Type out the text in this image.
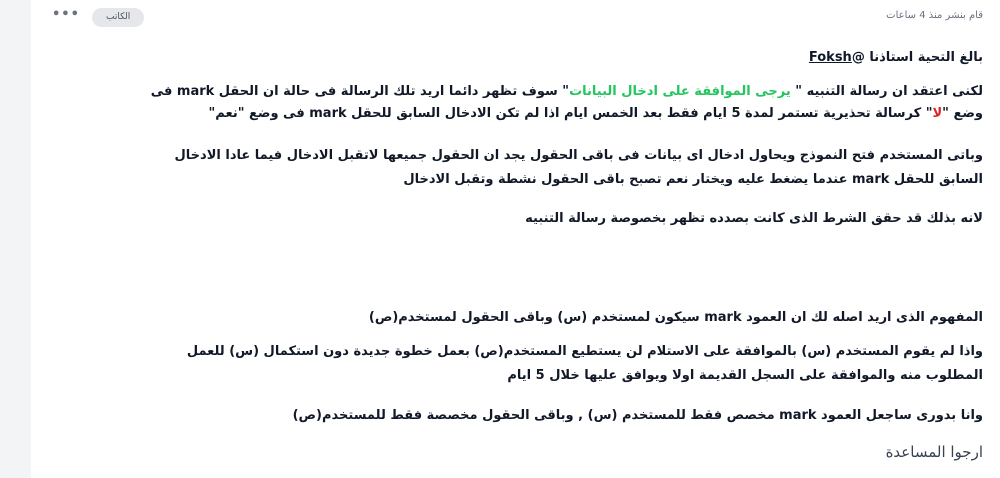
•••	الكاتب	قام بنشر منذ 4 ساعات

بالغ التحية استاذنا @Foksh

لكنى اعتقد ان رسالة التنبيه " يرجى الموافقة على ادخال البيانات" سوف تظهر دائما اريد تلك الرسالة فى حالة ان الحقل mark فى

وضع "لا" كرسالة تحذيرية تستمر لمدة 5 ايام فقط بعد الخمس ايام اذا لم تكن الادخال السابق للحقل mark فى وضع "نعم"

وباتى المستخدم فتح النموذج ويحاول ادخال اى بيانات فى باقى الحقول يجد ان الحقول جميعها لاتقبل الادخال فيما عادا الادخال

السابق للحقل mark عندما يضغط عليه ويختار نعم تصبح باقى الحقول نشطة وتقبل الادخال

لانه بذلك قد حقق الشرط الذى كانت بصدده تظهر بخصوصة رسالة التنبيه

المفهوم الذى اريد اصله لك ان العمود mark سيكون لمستخدم (س) وباقى الحقول لمستخدم(ص)

واذا لم يقوم المستخدم (س) بالموافقة على الاستلام لن يستطيع المستخدم(ص) بعمل خطوة جديدة دون استكمال (س) للعمل

المطلوب منه والموافقة على السجل القديمة اولا ويوافق عليها خلال 5 ايام

وانا بدورى ساجعل العمود mark مخصص فقط للمستخدم (س) , وباقى الحقول مخصصة فقط للمستخدم(ص)

ارجوا المساعدة
